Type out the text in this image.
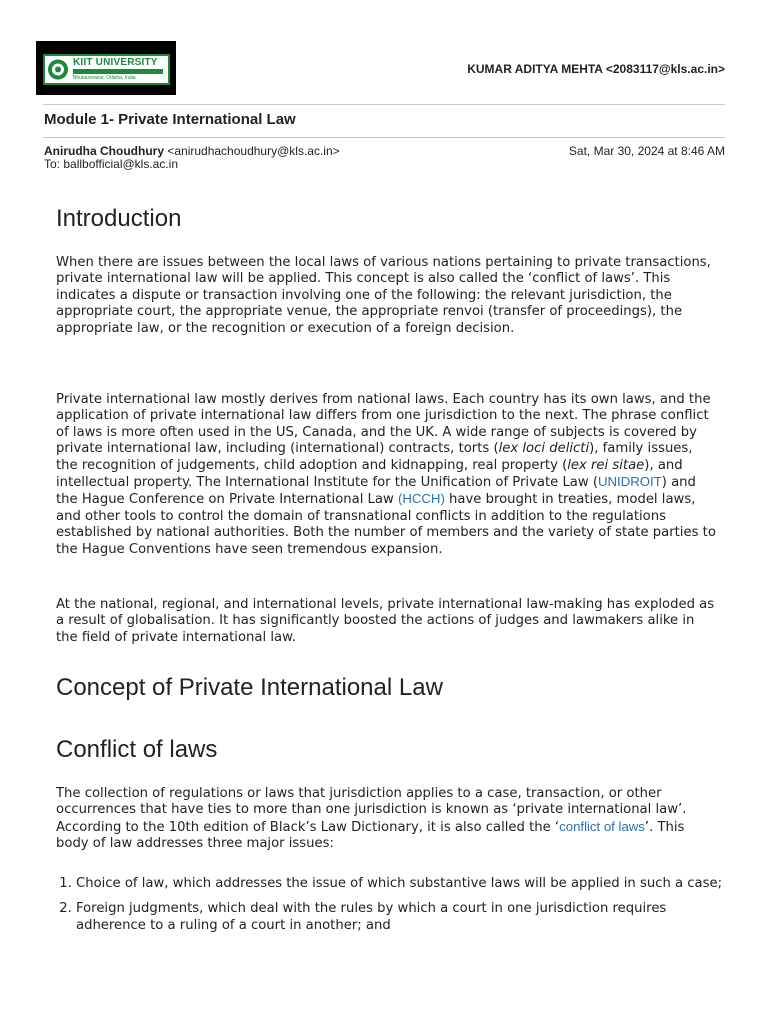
KIIT UNIVERSITY
Bhubaneswar, Odisha, India
KUMAR ADITYA MEHTA <2083117@kls.ac.in>
Module 1- Private International Law
Anirudha Choudhury <anirudhachoudhury@kls.ac.in>	Sat, Mar 30, 2024 at 8:46 AM
To: ballbofficial@kls.ac.in
Introduction

When there are issues between the local laws of various nations pertaining to private transactions, private international law will be applied. This concept is also called the ‘conflict of laws’. This indicates a dispute or transaction involving one of the following: the relevant jurisdiction, the appropriate court, the appropriate venue, the appropriate renvoi (transfer of proceedings), the appropriate law, or the recognition or execution of a foreign decision.

Private international law mostly derives from national laws. Each country has its own laws, and the application of private international law differs from one jurisdiction to the next. The phrase conflict of laws is more often used in the US, Canada, and the UK. A wide range of subjects is covered by private international law, including (international) contracts, torts (lex loci delicti), family issues, the recognition of judgements, child adoption and kidnapping, real property (lex rei sitae), and intellectual property. The International Institute for the Unification of Private Law (UNIDROIT) and the Hague Conference on Private International Law (HCCH) have brought in treaties, model laws, and other tools to control the domain of transnational conflicts in addition to the regulations established by national authorities. Both the number of members and the variety of state parties to the Hague Conventions have seen tremendous expansion.

At the national, regional, and international levels, private international law-making has exploded as a result of globalisation. It has significantly boosted the actions of judges and lawmakers alike in the field of private international law.

Concept of Private International Law
Conflict of laws

The collection of regulations or laws that jurisdiction applies to a case, transaction, or other occurrences that have ties to more than one jurisdiction is known as ‘private international law’. According to the 10th edition of Black’s Law Dictionary, it is also called the ‘conflict of laws’. This body of law addresses three major issues:

1. Choice of law, which addresses the issue of which substantive laws will be applied in such a case;
2. Foreign judgments, which deal with the rules by which a court in one jurisdiction requires adherence to a ruling of a court in another; and
